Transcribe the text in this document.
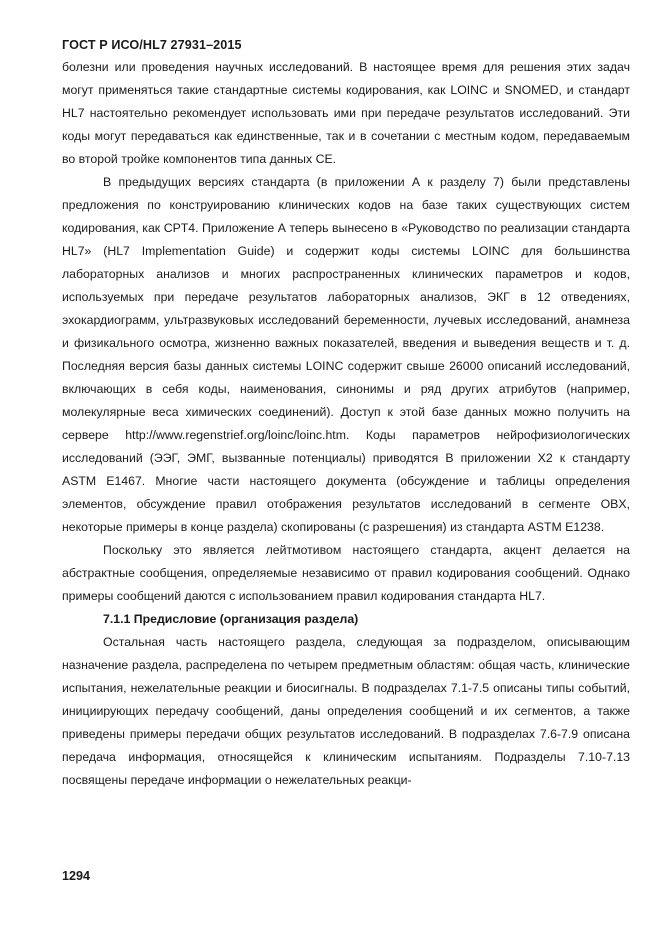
ГОСТ Р ИСО/HL7 27931–2015

болезни или проведения научных исследований. В настоящее время для решения этих задач могут применяться такие стандартные системы кодирования, как LOINC и SNOMED, и стандарт HL7 настоятельно рекомендует использовать ими при передаче результатов исследований. Эти коды могут передаваться как единственные, так и в сочетании с местным кодом, передаваемым во второй тройке компонентов типа данных CE.

В предыдущих версиях стандарта (в приложении А к разделу 7) были представлены предложения по конструированию клинических кодов на базе таких существующих систем кодирования, как CPT4. Приложение А теперь вынесено в «Руководство по реализации стандарта HL7» (HL7 Implementation Guide) и содержит коды системы LOINC для большинства лабораторных анализов и многих распространенных клинических параметров и кодов, используемых при передаче результатов лабораторных анализов, ЭКГ в 12 отведениях, эхокардиограмм, ультразвуковых исследований беременности, лучевых исследований, анамнеза и физикального осмотра, жизненно важных показателей, введения и выведения веществ и т. д. Последняя версия базы данных системы LOINC содержит свыше 26000 описаний исследований, включающих в себя коды, наименования, синонимы и ряд других атрибутов (например, молекулярные веса химических соединений). Доступ к этой базе данных можно получить на сервере http://www.regenstrief.org/loinc/loinc.htm. Коды параметров нейрофизиологических исследований (ЭЭГ, ЭМГ, вызванные потенциалы) приводятся В приложении X2 к стандарту ASTM E1467. Многие части настоящего документа (обсуждение и таблицы определения элементов, обсуждение правил отображения результатов исследований в сегменте OBX, некоторые примеры в конце раздела) скопированы (с разрешения) из стандарта ASTM E1238.

Поскольку это является лейтмотивом настоящего стандарта, акцент делается на абстрактные сообщения, определяемые независимо от правил кодирования сообщений. Однако примеры сообщений даются с использованием правил кодирования стандарта HL7.

7.1.1 Предисловие (организация раздела)

Остальная часть настоящего раздела, следующая за подразделом, описывающим назначение раздела, распределена по четырем предметным областям: общая часть, клинические испытания, нежелательные реакции и биосигналы. В подразделах 7.1-7.5 описаны типы событий, инициирующих передачу сообщений, даны определения сообщений и их сегментов, а также приведены примеры передачи общих результатов исследований. В подразделах 7.6-7.9 описана передача информация, относящейся к клиническим испытаниям. Подразделы 7.10-7.13 посвящены передаче информации о нежелательных реакци-

1294
